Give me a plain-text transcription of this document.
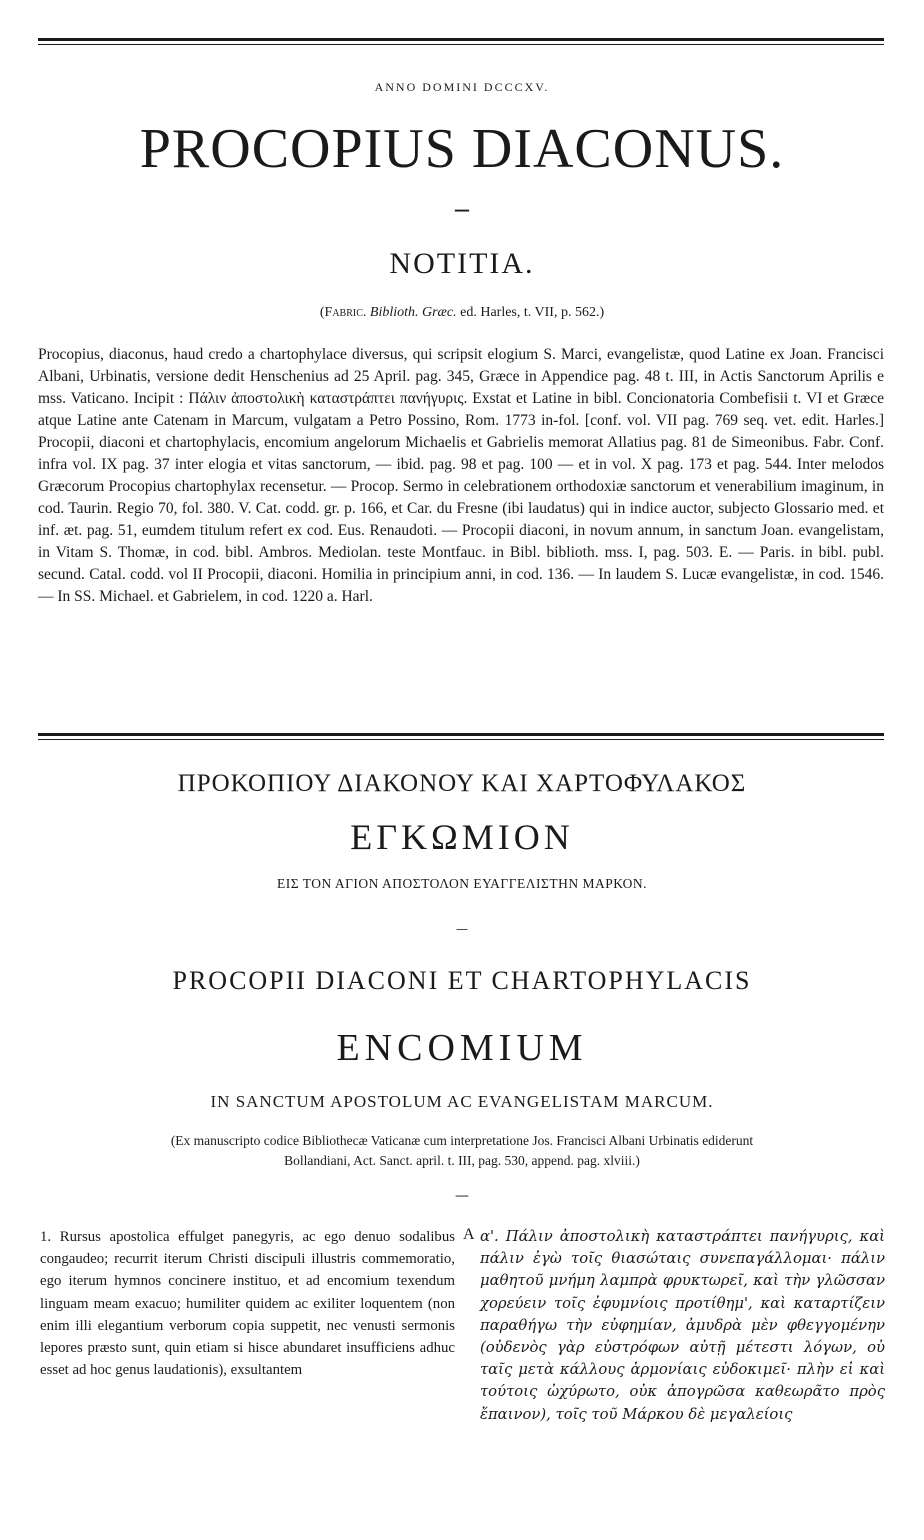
ANNO DOMINI DCCCXV.
PROCOPIUS DIACONUS.
—
NOTITIA.
(Fabric. Biblioth. Græc. ed. Harles, t. VII, p. 562.)

Procopius, diaconus, haud credo a chartophylace diversus, qui scripsit elogium S. Marci, evangelistæ, quod Latine ex Joan. Francisci Albani, Urbinatis, versione dedit Henschenius ad 25 April. pag. 345, Græce in Appendice pag. 48 t. III, in Actis Sanctorum Aprilis e mss. Vaticano. Incipit : Πάλιν ἀποστολικὴ καταστράπτει πανήγυρις. Exstat et Latine in bibl. Concionatoria Combefisii t. VI et Græce atque Latine ante Catenam in Marcum, vulgatam a Petro Possino, Rom. 1773 in-fol. [conf. vol. VII pag. 769 seq. vet. edit. Harles.] Procopii, diaconi et chartophylacis, encomium angelorum Michaelis et Gabrielis memorat Allatius pag. 81 de Simeonibus. Fabr. Conf. infra vol. IX pag. 37 inter elogia et vitas sanctorum, — ibid. pag. 98 et pag. 100 — et in vol. X pag. 173 et pag. 544. Inter melodos Græcorum Procopius chartophylax recensetur. — Procop. Sermo in celebrationem orthodoxiæ sanctorum et venerabilium imaginum, in cod. Taurin. Regio 70, fol. 380. V. Cat. codd. gr. p. 166, et Car. du Fresne (ibi laudatus) qui in indice auctor, subjecto Glossario med. et inf. æt. pag. 51, eumdem titulum refert ex cod. Eus. Renaudoti. — Procopii diaconi, in novum annum, in sanctum Joan. evangelistam, in Vitam S. Thomæ, in cod. bibl. Ambros. Mediolan. teste Montfauc. in Bibl. biblioth. mss. I, pag. 503. E. — Paris. in bibl. publ. secund. Catal. codd. vol II Procopii, diaconi. Homilia in principium anni, in cod. 136. — In laudem S. Lucæ evangelistæ, in cod. 1546. — In SS. Michael. et Gabrielem, in cod. 1220 a. Harl.

ΠΡΟΚΟΠΙΟΥ ΔΙΑΚΟΝΟΥ ΚΑΙ ΧΑΡΤΟΦΥΛΑΚΟΣ
ΕΓΚΩΜΙΟΝ
ΕΙΣ ΤΟΝ ΑΓΙΟΝ ΑΠΟΣΤΟΛΟΝ ΕΥΑΓΓΕΛΙΣΤΗΝ ΜΑΡΚΟΝ.
—
PROCOPII DIACONI ET CHARTOPHYLACIS
ENCOMIUM
IN SANCTUM APOSTOLUM AC EVANGELISTAM MARCUM.
(Ex manuscripto codice Bibliothecæ Vaticanæ cum interpretatione Jos. Francisci Albani Urbinatis ediderunt
Bollandiani, Act. Sanct. april. t. III, pag. 530, append. pag. xlviii.)
—

1. Rursus apostolica effulget panegyris, ac ego denuo sodalibus congaudeo; recurrit iterum Christi discipuli illustris commemoratio, ego iterum hymnos concinere instituo, et ad encomium texendum linguam meam exacuo; humiliter quidem ac exiliter loquentem (non enim illi elegantium verborum copia suppetit, nec venusti sermonis lepores præsto sunt, quin etiam si hisce abundaret insufficiens adhuc esset ad hoc genus laudationis), exsultantem

A α'. Πάλιν ἀποστολικὴ καταστράπτει πανήγυρις, καὶ πάλιν ἐγὼ τοῖς θιασώταις συνεπαγάλλομαι· πάλιν μαθητοῦ μνήμη λαμπρὰ φρυκτωρεῖ, καὶ τὴν γλῶσσαν χορεύειν τοῖς ἐφυμνίοις προτίθημ', καὶ καταρτίζειν παραθήγω τὴν εὐφημίαν, ἀμυδρὰ μὲν φθεγγομένην (οὐδενὸς γὰρ εὐστρόφων αὐτῇ μέτεστι λόγων, οὐ ταῖς μετὰ κάλλους ἁρμονίαις εὐδοκιμεῖ· πλὴν εἰ καὶ τούτοις ὠχύρωτο, οὐκ ἀπογρῶσα καθεωρᾶτο πρὸς ἔπαινον), τοῖς τοῦ Μάρκου δὲ μεγαλείοις
